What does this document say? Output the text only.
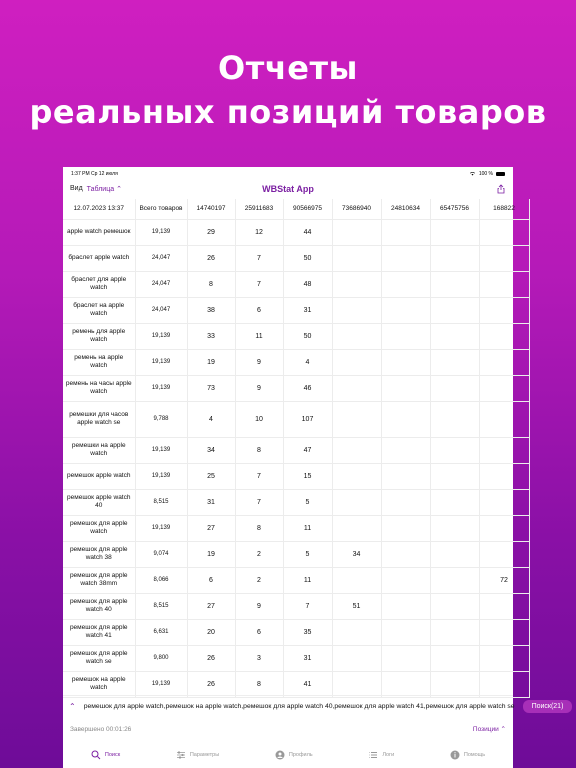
Отчеты
реальных позиций товаров
1:37 PM Ср 12 июля	100 %
Вид Таблица ⌃	WBStat App
12.07.2023 13:37	Всего товаров	14740197	25911683	90566975	73686940	24810634	65475756	168822
apple watch ремешок	19,139	29	12	44				
браслет apple watch	24,047	26	7	50				
браслет для apple watch	24,047	8	7	48				
браслет на apple watch	24,047	38	6	31				
ремень для apple watch	19,139	33	11	50				
ремень на apple watch	19,139	19	9	4				
ремень на часы apple watch	19,139	73	9	46				
ремешки для часов apple watch se	9,788	4	10	107				
ремешки на apple watch	19,139	34	8	47				
ремешок apple watch	19,139	25	7	15				
ремешок apple watch 40	8,515	31	7	5				
ремешок для apple watch	19,139	27	8	11				
ремешок для apple watch 38	9,074	19	2	5	34			
ремешок для apple watch 38mm	8,066	6	2	11				72
ремешок для apple watch 40	8,515	27	9	7	51			
ремешок для apple watch 41	6,631	20	6	35				
ремешок для apple watch se	9,800	26	3	31				
ремешок на apple watch	19,139	26	8	41				
⌃ ремешок для apple watch,ремешок на apple watch,ремешок для apple watch 40,ремешок для apple watch 41,ремешок для apple watch se	Поиск(21)
Завершено 00:01:26	Позиции ⌃
Поиск	Параметры	Профиль	Логи	Помощь
